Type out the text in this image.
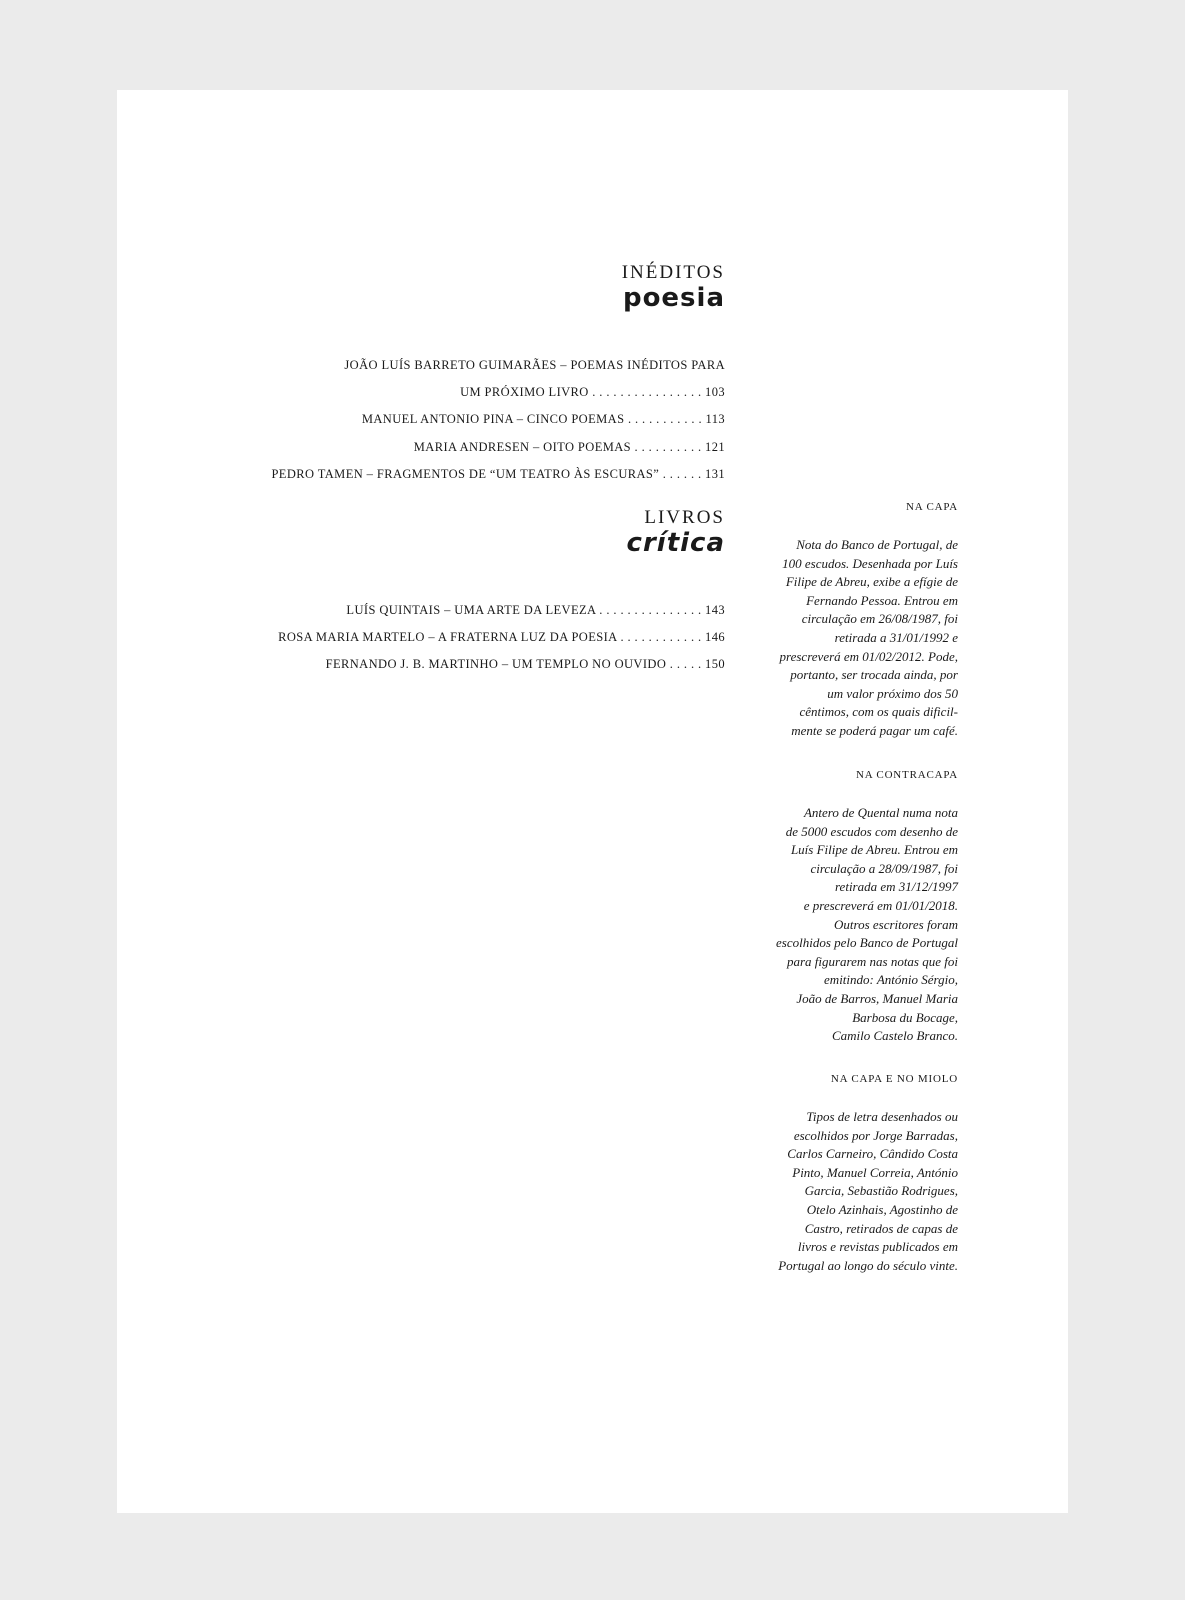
INÉDITOS

poesia

JOÃO LUÍS BARRETO GUIMARÃES – POEMAS INÉDITOS PARA
UM PRÓXIMO LIVRO . . . . . . . . . . . . . . . . 103
MANUEL ANTONIO PINA – CINCO POEMAS . . . . . . . . . . . 113
MARIA ANDRESEN – OITO POEMAS . . . . . . . . . . 121
PEDRO TAMEN – FRAGMENTOS DE “UM TEATRO ÀS ESCURAS” . . . . . . 131

LIVROS

crítica

LUÍS QUINTAIS – UMA ARTE DA LEVEZA . . . . . . . . . . . . . . . 143
ROSA MARIA MARTELO – A FRATERNA LUZ DA POESIA . . . . . . . . . . . . 146
FERNANDO J. B. MARTINHO – UM TEMPLO NO OUVIDO . . . . . 150

NA CAPA

Nota do Banco de Portugal, de
100 escudos. Desenhada por Luís
Filipe de Abreu, exibe a efígie de
Fernando Pessoa. Entrou em
circulação em 26/08/1987, foi
retirada a 31/01/1992 e
prescreverá em 01/02/2012. Pode,
portanto, ser trocada ainda, por
um valor próximo dos 50
cêntimos, com os quais dificil-
mente se poderá pagar um café.

NA CONTRACAPA

Antero de Quental numa nota
de 5000 escudos com desenho de
Luís Filipe de Abreu. Entrou em
circulação a 28/09/1987, foi
retirada em 31/12/1997
e prescreverá em 01/01/2018.
Outros escritores foram
escolhidos pelo Banco de Portugal
para figurarem nas notas que foi
emitindo: António Sérgio,
João de Barros, Manuel Maria
Barbosa du Bocage,
Camilo Castelo Branco.

NA CAPA E NO MIOLO

Tipos de letra desenhados ou
escolhidos por Jorge Barradas,
Carlos Carneiro, Cândido Costa
Pinto, Manuel Correia, António
Garcia, Sebastião Rodrigues,
Otelo Azinhais, Agostinho de
Castro, retirados de capas de
livros e revistas publicados em
Portugal ao longo do século vinte.
